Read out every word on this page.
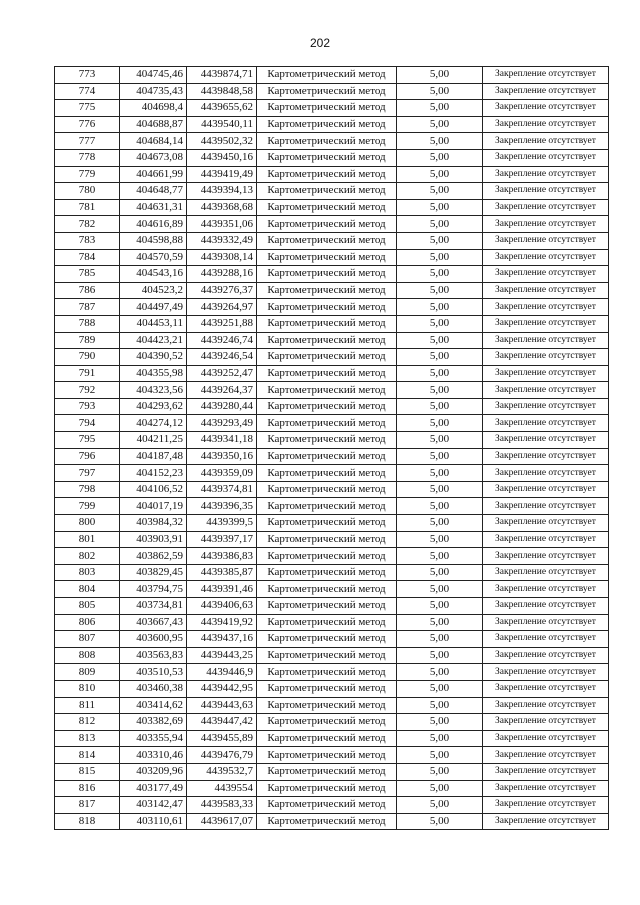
202
773	404745,46	4439874,71	Картометрический метод	5,00	Закрепление отсутствует
774	404735,43	4439848,58	Картометрический метод	5,00	Закрепление отсутствует
775	404698,4	4439655,62	Картометрический метод	5,00	Закрепление отсутствует
776	404688,87	4439540,11	Картометрический метод	5,00	Закрепление отсутствует
777	404684,14	4439502,32	Картометрический метод	5,00	Закрепление отсутствует
778	404673,08	4439450,16	Картометрический метод	5,00	Закрепление отсутствует
779	404661,99	4439419,49	Картометрический метод	5,00	Закрепление отсутствует
780	404648,77	4439394,13	Картометрический метод	5,00	Закрепление отсутствует
781	404631,31	4439368,68	Картометрический метод	5,00	Закрепление отсутствует
782	404616,89	4439351,06	Картометрический метод	5,00	Закрепление отсутствует
783	404598,88	4439332,49	Картометрический метод	5,00	Закрепление отсутствует
784	404570,59	4439308,14	Картометрический метод	5,00	Закрепление отсутствует
785	404543,16	4439288,16	Картометрический метод	5,00	Закрепление отсутствует
786	404523,2	4439276,37	Картометрический метод	5,00	Закрепление отсутствует
787	404497,49	4439264,97	Картометрический метод	5,00	Закрепление отсутствует
788	404453,11	4439251,88	Картометрический метод	5,00	Закрепление отсутствует
789	404423,21	4439246,74	Картометрический метод	5,00	Закрепление отсутствует
790	404390,52	4439246,54	Картометрический метод	5,00	Закрепление отсутствует
791	404355,98	4439252,47	Картометрический метод	5,00	Закрепление отсутствует
792	404323,56	4439264,37	Картометрический метод	5,00	Закрепление отсутствует
793	404293,62	4439280,44	Картометрический метод	5,00	Закрепление отсутствует
794	404274,12	4439293,49	Картометрический метод	5,00	Закрепление отсутствует
795	404211,25	4439341,18	Картометрический метод	5,00	Закрепление отсутствует
796	404187,48	4439350,16	Картометрический метод	5,00	Закрепление отсутствует
797	404152,23	4439359,09	Картометрический метод	5,00	Закрепление отсутствует
798	404106,52	4439374,81	Картометрический метод	5,00	Закрепление отсутствует
799	404017,19	4439396,35	Картометрический метод	5,00	Закрепление отсутствует
800	403984,32	4439399,5	Картометрический метод	5,00	Закрепление отсутствует
801	403903,91	4439397,17	Картометрический метод	5,00	Закрепление отсутствует
802	403862,59	4439386,83	Картометрический метод	5,00	Закрепление отсутствует
803	403829,45	4439385,87	Картометрический метод	5,00	Закрепление отсутствует
804	403794,75	4439391,46	Картометрический метод	5,00	Закрепление отсутствует
805	403734,81	4439406,63	Картометрический метод	5,00	Закрепление отсутствует
806	403667,43	4439419,92	Картометрический метод	5,00	Закрепление отсутствует
807	403600,95	4439437,16	Картометрический метод	5,00	Закрепление отсутствует
808	403563,83	4439443,25	Картометрический метод	5,00	Закрепление отсутствует
809	403510,53	4439446,9	Картометрический метод	5,00	Закрепление отсутствует
810	403460,38	4439442,95	Картометрический метод	5,00	Закрепление отсутствует
811	403414,62	4439443,63	Картометрический метод	5,00	Закрепление отсутствует
812	403382,69	4439447,42	Картометрический метод	5,00	Закрепление отсутствует
813	403355,94	4439455,89	Картометрический метод	5,00	Закрепление отсутствует
814	403310,46	4439476,79	Картометрический метод	5,00	Закрепление отсутствует
815	403209,96	4439532,7	Картометрический метод	5,00	Закрепление отсутствует
816	403177,49	4439554	Картометрический метод	5,00	Закрепление отсутствует
817	403142,47	4439583,33	Картометрический метод	5,00	Закрепление отсутствует
818	403110,61	4439617,07	Картометрический метод	5,00	Закрепление отсутствует
